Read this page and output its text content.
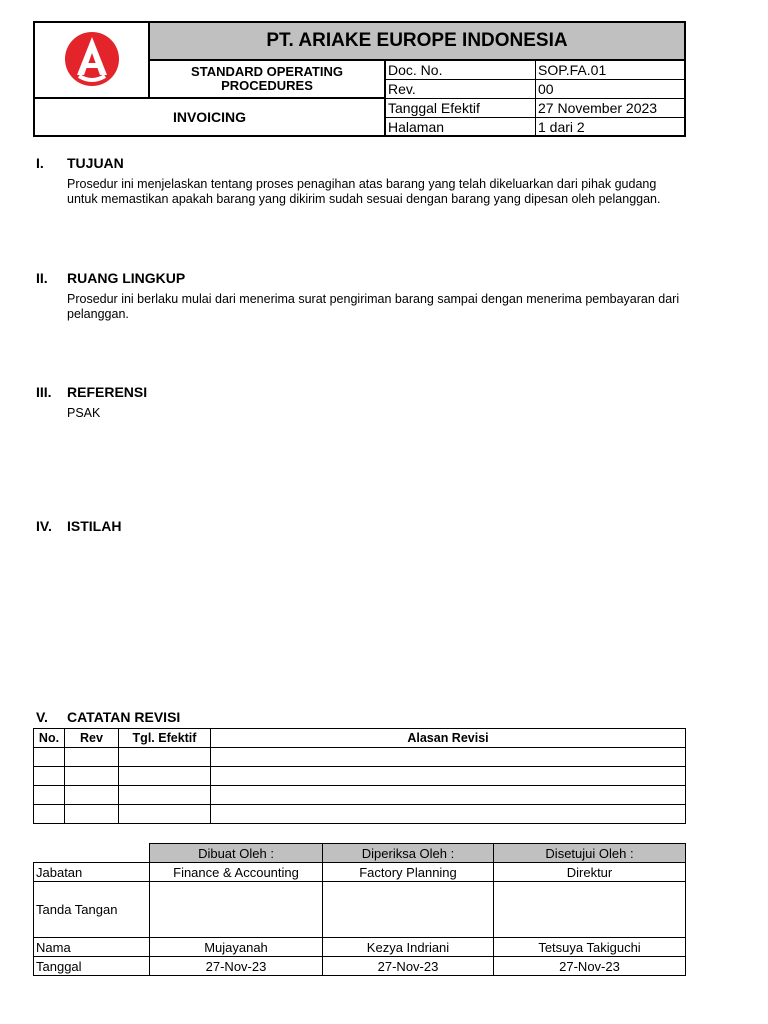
PT. ARIAKE EUROPE INDONESIA
STANDARD OPERATING
PROCEDURES
INVOICING
Doc. No.	SOP.FA.01
Rev.	00
Tanggal Efektif	27 November 2023
Halaman	1 dari 2
I. TUJUAN
Prosedur ini menjelaskan tentang proses penagihan atas barang yang telah dikeluarkan dari pihak gudang untuk memastikan apakah barang yang dikirim sudah sesuai dengan barang yang dipesan oleh pelanggan.
II. RUANG LINGKUP
Prosedur ini berlaku mulai dari menerima surat pengiriman barang sampai dengan menerima pembayaran dari pelanggan.
III. REFERENSI
PSAK
IV. ISTILAH
V. CATATAN REVISI
No.	Rev	Tgl. Efektif	Alasan Revisi

	Dibuat Oleh :	Diperiksa Oleh :	Disetujui Oleh :
Jabatan	Finance & Accounting	Factory Planning	Direktur
Tanda Tangan			
Nama	Mujayanah	Kezya Indriani	Tetsuya Takiguchi
Tanggal	27-Nov-23	27-Nov-23	27-Nov-23
